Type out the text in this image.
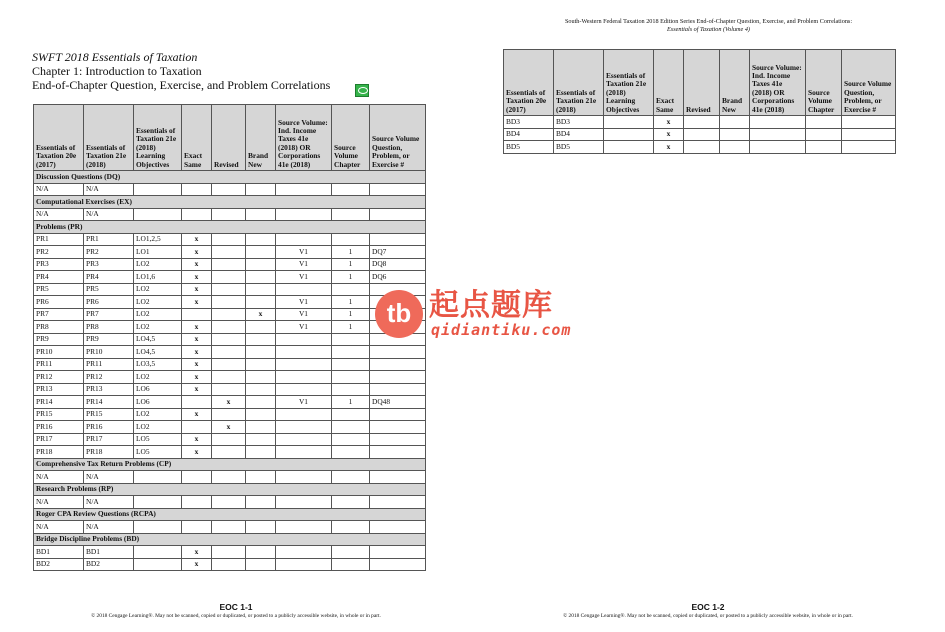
SWFT 2018 Essentials of Taxation
Chapter 1: Introduction to Taxation
End-of-Chapter Question, Exercise, and Problem Correlations
Essentials of Taxation 20e (2017)	Essentials of Taxation 21e (2018)	Essentials of Taxation 21e (2018) Learning Objectives	Exact Same	Revised	Brand New	Source Volume: Ind. Income Taxes 41e (2018) OR Corporations 41e (2018)	Source Volume Chapter	Source Volume Question, Problem, or Exercise #
Discussion Questions (DQ)								
N/A	N/A							
Computational Exercises (EX)								
N/A	N/A							
Problems (PR)								
PR1	PR1	LO1,2,5	x					
PR2	PR2	LO1	x			V1	1	DQ7
PR3	PR3	LO2	x			V1	1	DQ8
PR4	PR4	LO1,6	x			V1	1	DQ6
PR5	PR5	LO2	x					
PR6	PR6	LO2	x			V1	1	
PR7	PR7	LO2			x	V1	1	
PR8	PR8	LO2	x			V1	1	
PR9	PR9	LO4,5	x					
PR10	PR10	LO4,5	x					
PR11	PR11	LO3,5	x					
PR12	PR12	LO2	x					
PR13	PR13	LO6	x					
PR14	PR14	LO6		x		V1	1	DQ48
PR15	PR15	LO2	x					
PR16	PR16	LO2		x				
PR17	PR17	LO5	x					
PR18	PR18	LO5	x					
Comprehensive Tax Return Problems (CP)								
N/A	N/A							
Research Problems (RP)								
N/A	N/A							
Roger CPA Review Questions (RCPA)								
N/A	N/A							
Bridge Discipline Problems (BD)								
BD1	BD1		x					
BD2	BD2		x					
EOC 1-1
© 2018 Cengage Learning®. May not be scanned, copied or duplicated, or posted to a publicly accessible website, in whole or in part.
South-Western Federal Taxation 2018 Edition Series End-of-Chapter Question, Exercise, and Problem Correlations:
Essentials of Taxation (Volume 4)
EOC 1-2
© 2018 Cengage Learning®. May not be scanned, copied or duplicated, or posted to a publicly accessible website, in whole or in part.
Essentials of Taxation 20e (2017)	Essentials of Taxation 21e (2018)	Essentials of Taxation 21e (2018) Learning Objectives	Exact Same	Revised	Brand New	Source Volume: Ind. Income Taxes 41e (2018) OR Corporations 41e (2018)	Source Volume Chapter	Source Volume Question, Problem, or Exercise #
BD3	BD3		x					
BD4	BD4		x					
BD5	BD5		x					
tb 起点题库
qidiantiku.com
